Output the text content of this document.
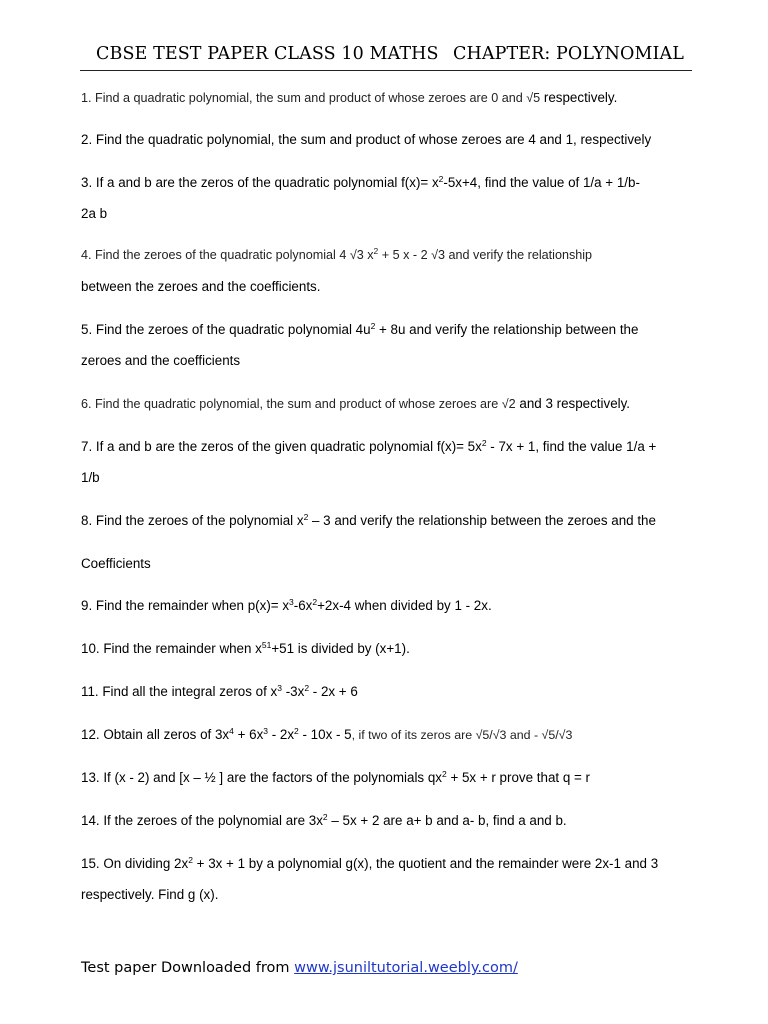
CBSE TEST PAPER CLASS 10 MATHS CHAPTER: POLYNOMIAL
1. Find a quadratic polynomial, the sum and product of whose zeroes are 0 and √5 respectively.
2. Find the quadratic polynomial, the sum and product of whose zeroes are 4 and 1, respectively
3. If a and b are the zeros of the quadratic polynomial $f(x)= x^2-5x+4$, find the value of 1/a + 1/b-
2a b
4. Find the zeroes of the quadratic polynomial 4 √3 $x^2 + 5$ x - 2 √3 and verify the relationship
between the zeroes and the coefficients.
5. Find the zeroes of the quadratic polynomial $4u^2 + 8u$ and verify the relationship between the
zeroes and the coefficients
6. Find the quadratic polynomial, the sum and product of whose zeroes are √2 and 3 respectively.
7. If a and b are the zeros of the given quadratic polynomial $f(x)= 5x^2 - 7x + 1$, find the value 1/a +
1/b
8. Find the zeroes of the polynomial $x^2 - 3$ and verify the relationship between the zeroes and the
Coefficients
9. Find the remainder when $p(x)= x^3-6x^2+2x-4$ when divided by 1 - 2x.
10. Find the remainder when $x^{51}+51$ is divided by (x+1).
11. Find all the integral zeros of $x^3$ $-3x^2 - 2x + 6$
12. Obtain all zeros of $3x^4 + 6x^3 - 2x^2 - 10x - 5$, if two of its zeros are √5/√3 and - √5/√3
13. If (x - 2) and [x – ½ ] are the factors of the polynomials $qx^2 + 5x + r$ prove that q = r
14. If the zeroes of the polynomial are $3x^2 - 5x + 2$ are a+ b and a- b, find a and b.
15. On dividing $2x^2 + 3x + 1$ by a polynomial g(x), the quotient and the remainder were 2x-1 and 3
respectively. Find g (x).
Test paper Downloaded from www.jsuniltutorial.weebly.com/
